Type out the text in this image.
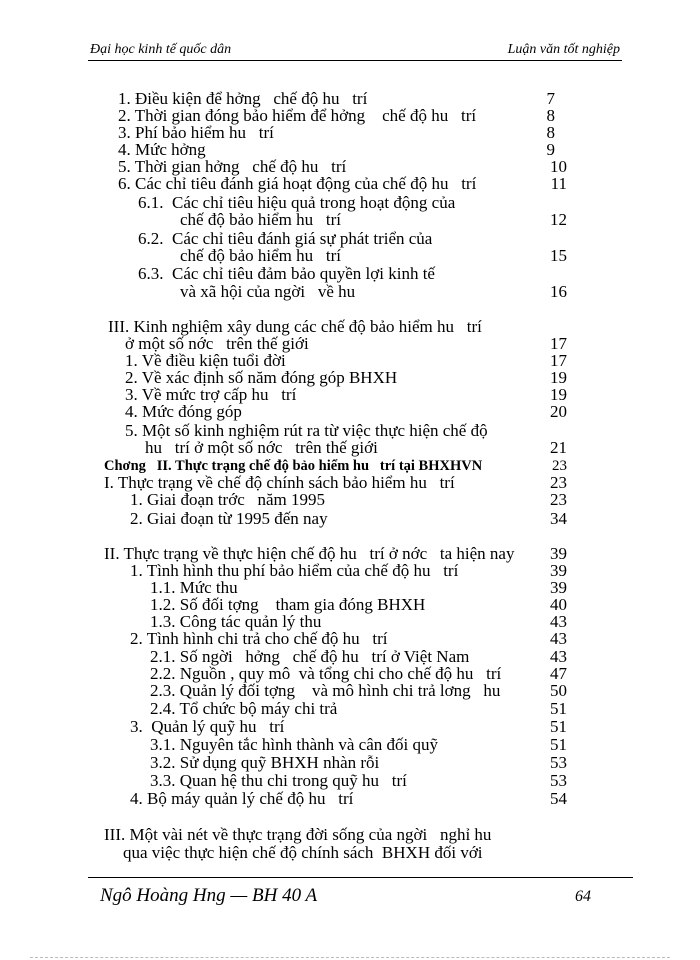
Đại học kinh tế quốc dân	Luận văn tốt nghiệp
1. Điều kiện để hởng   chế độ hu   trí	7
2. Thời gian đóng bảo hiểm để hởng    chế độ hu   trí	8
3. Phí bảo hiểm hu   trí	8
4. Mức hởng	9
5. Thời gian hởng   chế độ hu   trí	10
6. Các chỉ tiêu đánh giá hoạt động của chế độ hu   trí	11
6.1.  Các chỉ tiêu hiệu quả trong hoạt động của
chế độ bảo hiểm hu   trí	12
6.2.  Các chỉ tiêu đánh giá sự phát triển của
chế độ bảo hiểm hu   trí	15
6.3.  Các chỉ tiêu đảm bảo quyền lợi kinh tế
và xã hội của ngời   về hu	16
III. Kinh nghiệm xây dung các chế độ bảo hiểm hu   trí
ở một số nớc   trên thế giới	17
1. Về điều kiện tuổi đời	17
2. Về xác định số năm đóng góp BHXH	19
3. Về mức trợ cấp hu   trí	19
4. Mức đóng góp	20
5. Một số kinh nghiệm rút ra từ việc thực hiện chế độ
hu   trí ở một số nớc   trên thế giới	21
Chơng   II. Thực trạng chế độ bảo hiểm hu   trí tại BHXHVN	23
I. Thực trạng về chế độ chính sách bảo hiểm hu   trí	23
1. Giai đoạn trớc   năm 1995	23
2. Giai đoạn từ 1995 đến nay	34
II. Thực trạng về thực hiện chế độ hu   trí ở nớc   ta hiện nay	39
1. Tình hình thu phí bảo hiểm của chế độ hu   trí	39
1.1. Mức thu	39
1.2. Số đối tợng    tham gia đóng BHXH	40
1.3. Công tác quản lý thu	43
2. Tình hình chi trả cho chế độ hu   trí	43
2.1. Số ngời   hởng   chế độ hu   trí ở Việt Nam	43
2.2. Nguồn , quy mô  và tổng chi cho chế độ hu   trí	47
2.3. Quản lý đối tợng    và mô hình chi trả lơng   hu	50
2.4. Tổ chức bộ máy chi trả	51
3.  Quản lý quỹ hu   trí	51
3.1. Nguyên tắc hình thành và cân đối quỹ	51
3.2. Sử dụng quỹ BHXH nhàn rỗi	53
3.3. Quan hệ thu chi trong quỹ hu   trí	53
4. Bộ máy quản lý chế độ hu   trí	54
III. Một vài nét về thực trạng đời sống của ngời   nghỉ hu
qua việc thực hiện chế độ chính sách  BHXH đối với
Ngô Hoàng Hng — BH 40 A	64
